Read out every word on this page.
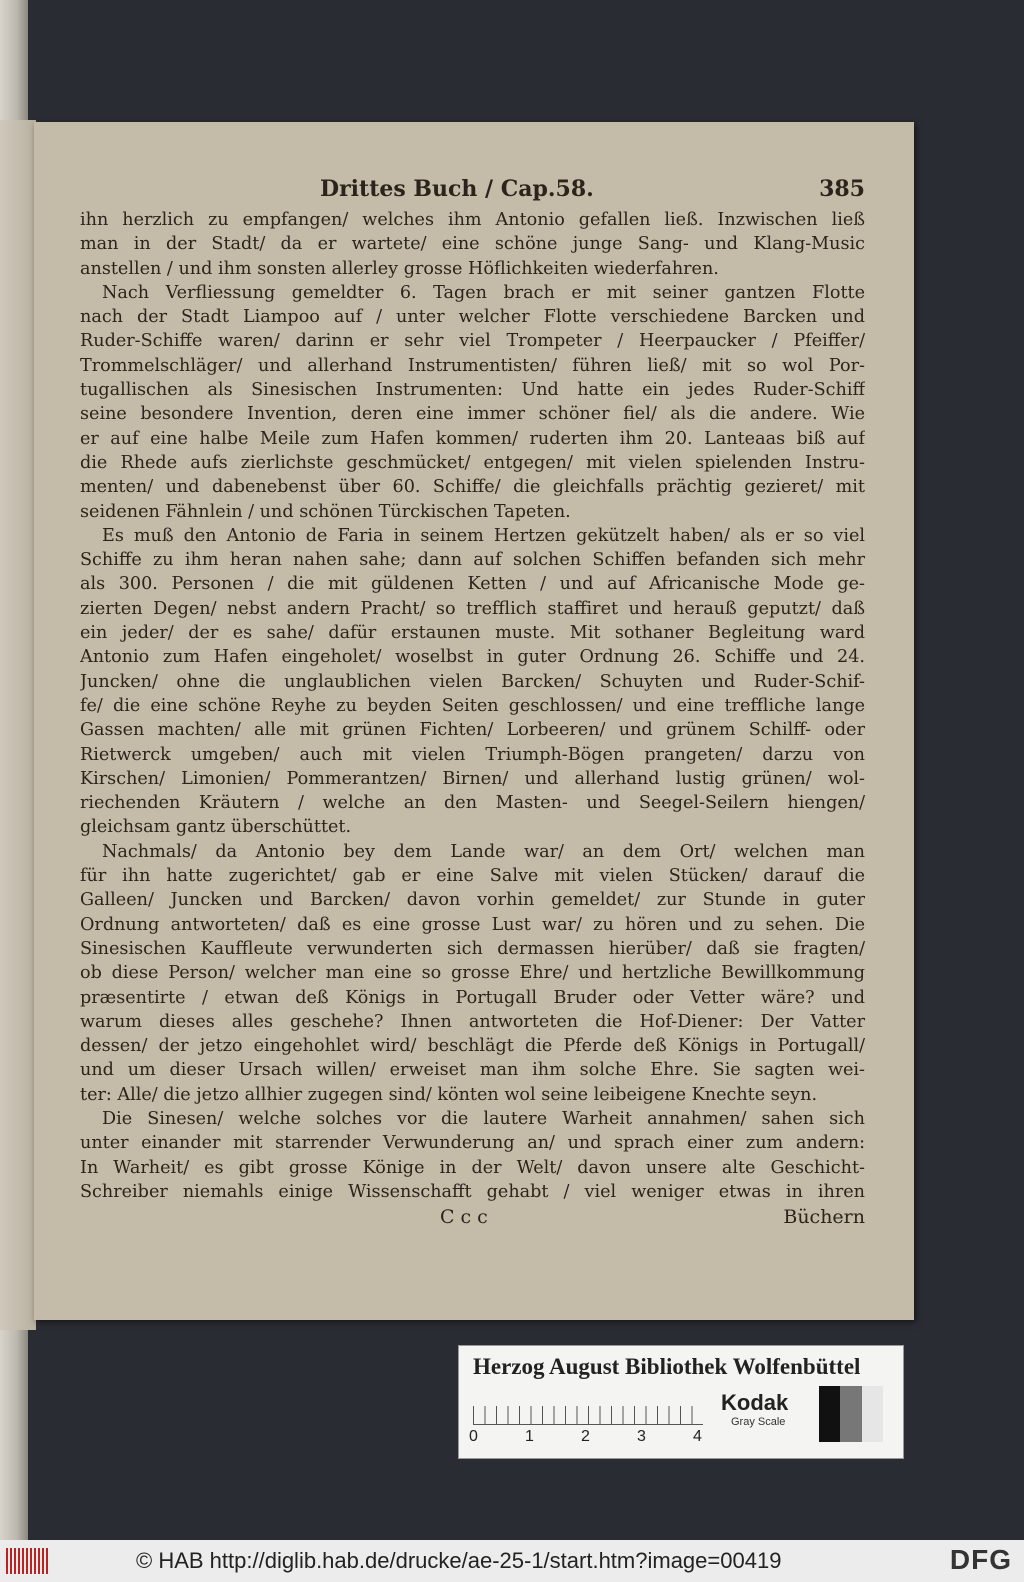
Drittes Buch / Cap.58.	385
ihn herzlich zu empfangen/ welches ihm Antonio gefallen ließ. Inzwischen ließ
man in der Stadt/ da er wartete/ eine schöne junge Sang- und Klang-Music
anstellen / und ihm sonsten allerley grosse Höflichkeiten wiederfahren.
Nach Verfliessung gemeldter 6. Tagen brach er mit seiner gantzen Flotte
nach der Stadt Liampoo auf / unter welcher Flotte verschiedene Barcken und
Ruder-Schiffe waren/ darinn er sehr viel Trompeter / Heerpaucker / Pfeiffer/
Trommelschläger/ und allerhand Instrumentisten/ führen ließ/ mit so wol Por-
tugallischen als Sinesischen Instrumenten: Und hatte ein jedes Ruder-Schiff
seine besondere Invention, deren eine immer schöner fiel/ als die andere. Wie
er auf eine halbe Meile zum Hafen kommen/ ruderten ihm 20. Lanteaas biß auf
die Rhede aufs zierlichste geschmücket/ entgegen/ mit vielen spielenden Instru-
menten/ und dabenebenst über 60. Schiffe/ die gleichfalls prächtig gezieret/ mit
seidenen Fähnlein / und schönen Türckischen Tapeten.
Es muß den Antonio de Faria in seinem Hertzen gekützelt haben/ als er so viel
Schiffe zu ihm heran nahen sahe; dann auf solchen Schiffen befanden sich mehr
als 300. Personen / die mit güldenen Ketten / und auf Africanische Mode ge-
zierten Degen/ nebst andern Pracht/ so trefflich staffiret und herauß geputzt/ daß
ein jeder/ der es sahe/ dafür erstaunen muste. Mit sothaner Begleitung ward
Antonio zum Hafen eingeholet/ woselbst in guter Ordnung 26. Schiffe und 24.
Juncken/ ohne die unglaublichen vielen Barcken/ Schuyten und Ruder-Schif-
fe/ die eine schöne Reyhe zu beyden Seiten geschlossen/ und eine treffliche lange
Gassen machten/ alle mit grünen Fichten/ Lorbeeren/ und grünem Schilff- oder
Rietwerck umgeben/ auch mit vielen Triumph-Bögen prangeten/ darzu von
Kirschen/ Limonien/ Pommerantzen/ Birnen/ und allerhand lustig grünen/ wol-
riechenden Kräutern / welche an den Masten- und Seegel-Seilern hiengen/
gleichsam gantz überschüttet.
Nachmals/ da Antonio bey dem Lande war/ an dem Ort/ welchen man
für ihn hatte zugerichtet/ gab er eine Salve mit vielen Stücken/ darauf die
Galleen/ Juncken und Barcken/ davon vorhin gemeldet/ zur Stunde in guter
Ordnung antworteten/ daß es eine grosse Lust war/ zu hören und zu sehen. Die
Sinesischen Kauffleute verwunderten sich dermassen hierüber/ daß sie fragten/
ob diese Person/ welcher man eine so grosse Ehre/ und hertzliche Bewillkommung
præsentirte / etwan deß Königs in Portugall Bruder oder Vetter wäre? und
warum dieses alles geschehe? Ihnen antworteten die Hof-Diener: Der Vatter
dessen/ der jetzo eingehohlet wird/ beschlägt die Pferde deß Königs in Portugall/
und um dieser Ursach willen/ erweiset man ihm solche Ehre. Sie sagten wei-
ter: Alle/ die jetzo allhier zugegen sind/ könten wol seine leibeigene Knechte seyn.
Die Sinesen/ welche solches vor die lautere Warheit annahmen/ sahen sich
unter einander mit starrender Verwunderung an/ und sprach einer zum andern:
In Warheit/ es gibt grosse Könige in der Welt/ davon unsere alte Geschicht-
Schreiber niemahls einige Wissenschafft gehabt / viel weniger etwas in ihren
Ccc	Büchern
Herzog August Bibliothek Wolfenbüttel
0	1	2	3	4
Kodak
Gray Scale
© HAB http://diglib.hab.de/drucke/ae-25-1/start.htm?image=00419	DFG
